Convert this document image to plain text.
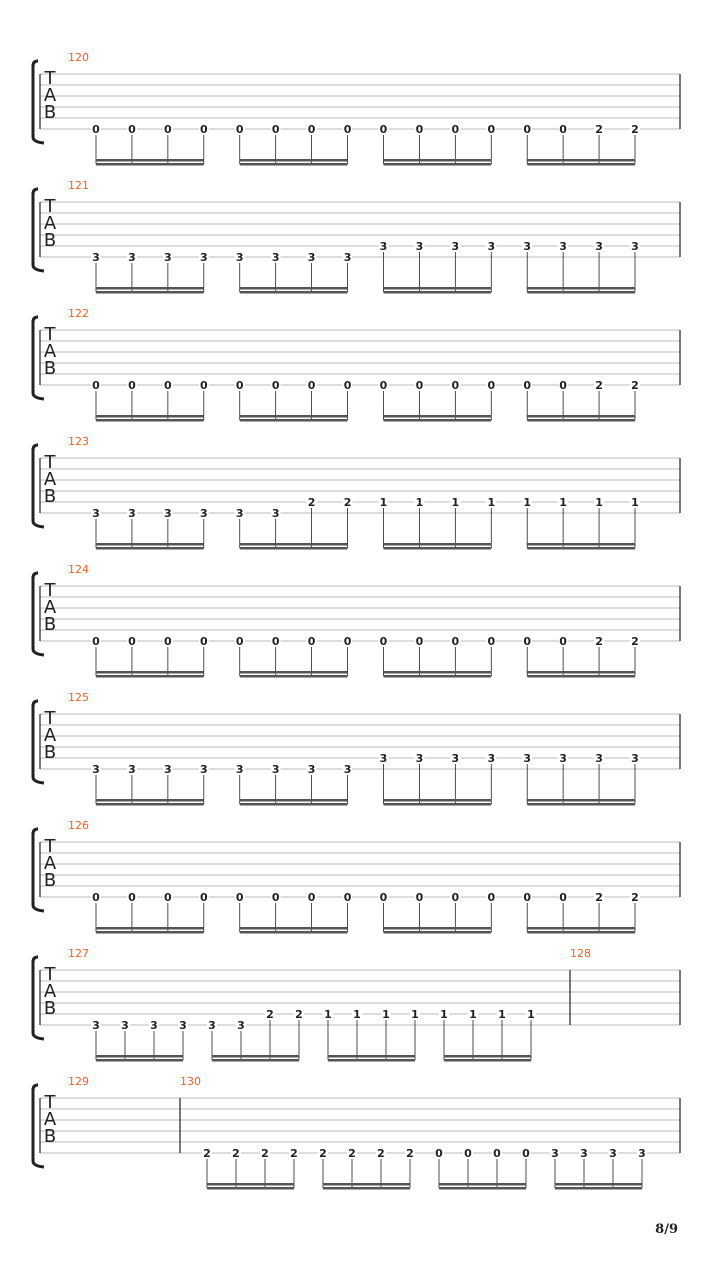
T
A
B
120
0	0	0	0	0	0	0	0	0	0	0	0	0	0	2	2
T
A
B
121
3	3	3	3	3	3	3	3
3	3	3	3	3	3	3	3
T
A
B
122
0	0	0	0	0	0	0	0	0	0	0	0	0	0	2	2
T
A
B
123
3	3	3	3	3	3
2	2	1	1	1	1	1	1	1	1
T
A
B
124
0	0	0	0	0	0	0	0	0	0	0	0	0	0	2	2
T
A
B
125
3	3	3	3	3	3	3	3
3	3	3	3	3	3	3	3
T
A
B
126
0	0	0	0	0	0	0	0	0	0	0	0	0	0	2	2
T
A
B
127
3 3 3 3 3 3
2 2 1 1 1 1 1 1 1 1
128
T
A
B
129	130
2 2 2 2 2 2 2 2 0 0 0 0 3 3 3 3
8/9
